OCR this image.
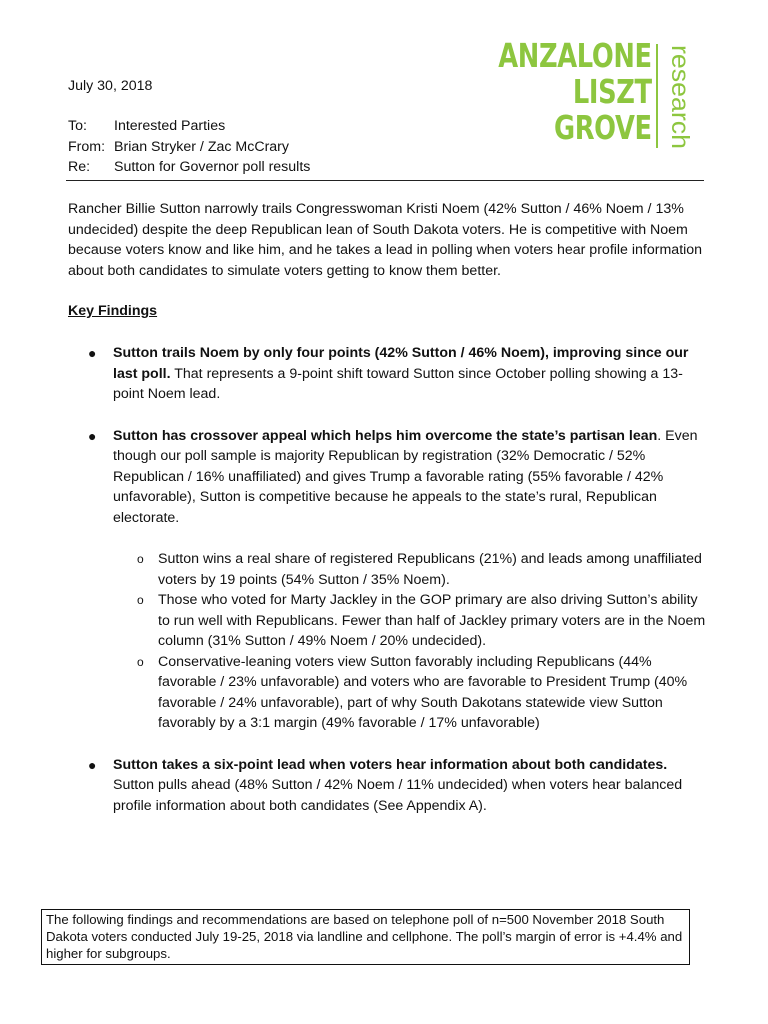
July 30, 2018
To:	Interested Parties
From: Brian Stryker / Zac McCrary
Re:	Sutton for Governor poll results
ANZALONE
LISZT
GROVE research
Rancher Billie Sutton narrowly trails Congresswoman Kristi Noem (42% Sutton / 46% Noem / 13% undecided) despite the deep Republican lean of South Dakota voters. He is competitive with Noem because voters know and like him, and he takes a lead in polling when voters hear profile information about both candidates to simulate voters getting to know them better.
Key Findings
● Sutton trails Noem by only four points (42% Sutton / 46% Noem), improving since our last poll. That represents a 9-point shift toward Sutton since October polling showing a 13-point Noem lead.
● Sutton has crossover appeal which helps him overcome the state’s partisan lean. Even though our poll sample is majority Republican by registration (32% Democratic / 52% Republican / 16% unaffiliated) and gives Trump a favorable rating (55% favorable / 42% unfavorable), Sutton is competitive because he appeals to the state’s rural, Republican electorate.
o Sutton wins a real share of registered Republicans (21%) and leads among unaffiliated voters by 19 points (54% Sutton / 35% Noem).
o Those who voted for Marty Jackley in the GOP primary are also driving Sutton’s ability to run well with Republicans. Fewer than half of Jackley primary voters are in the Noem column (31% Sutton / 49% Noem / 20% undecided).
o Conservative-leaning voters view Sutton favorably including Republicans (44% favorable / 23% unfavorable) and voters who are favorable to President Trump (40% favorable / 24% unfavorable), part of why South Dakotans statewide view Sutton favorably by a 3:1 margin (49% favorable / 17% unfavorable)
● Sutton takes a six-point lead when voters hear information about both candidates. Sutton pulls ahead (48% Sutton / 42% Noem / 11% undecided) when voters hear balanced profile information about both candidates (See Appendix A).
The following findings and recommendations are based on telephone poll of n=500 November 2018 South Dakota voters conducted July 19-25, 2018 via landline and cellphone. The poll’s margin of error is +4.4% and higher for subgroups.
